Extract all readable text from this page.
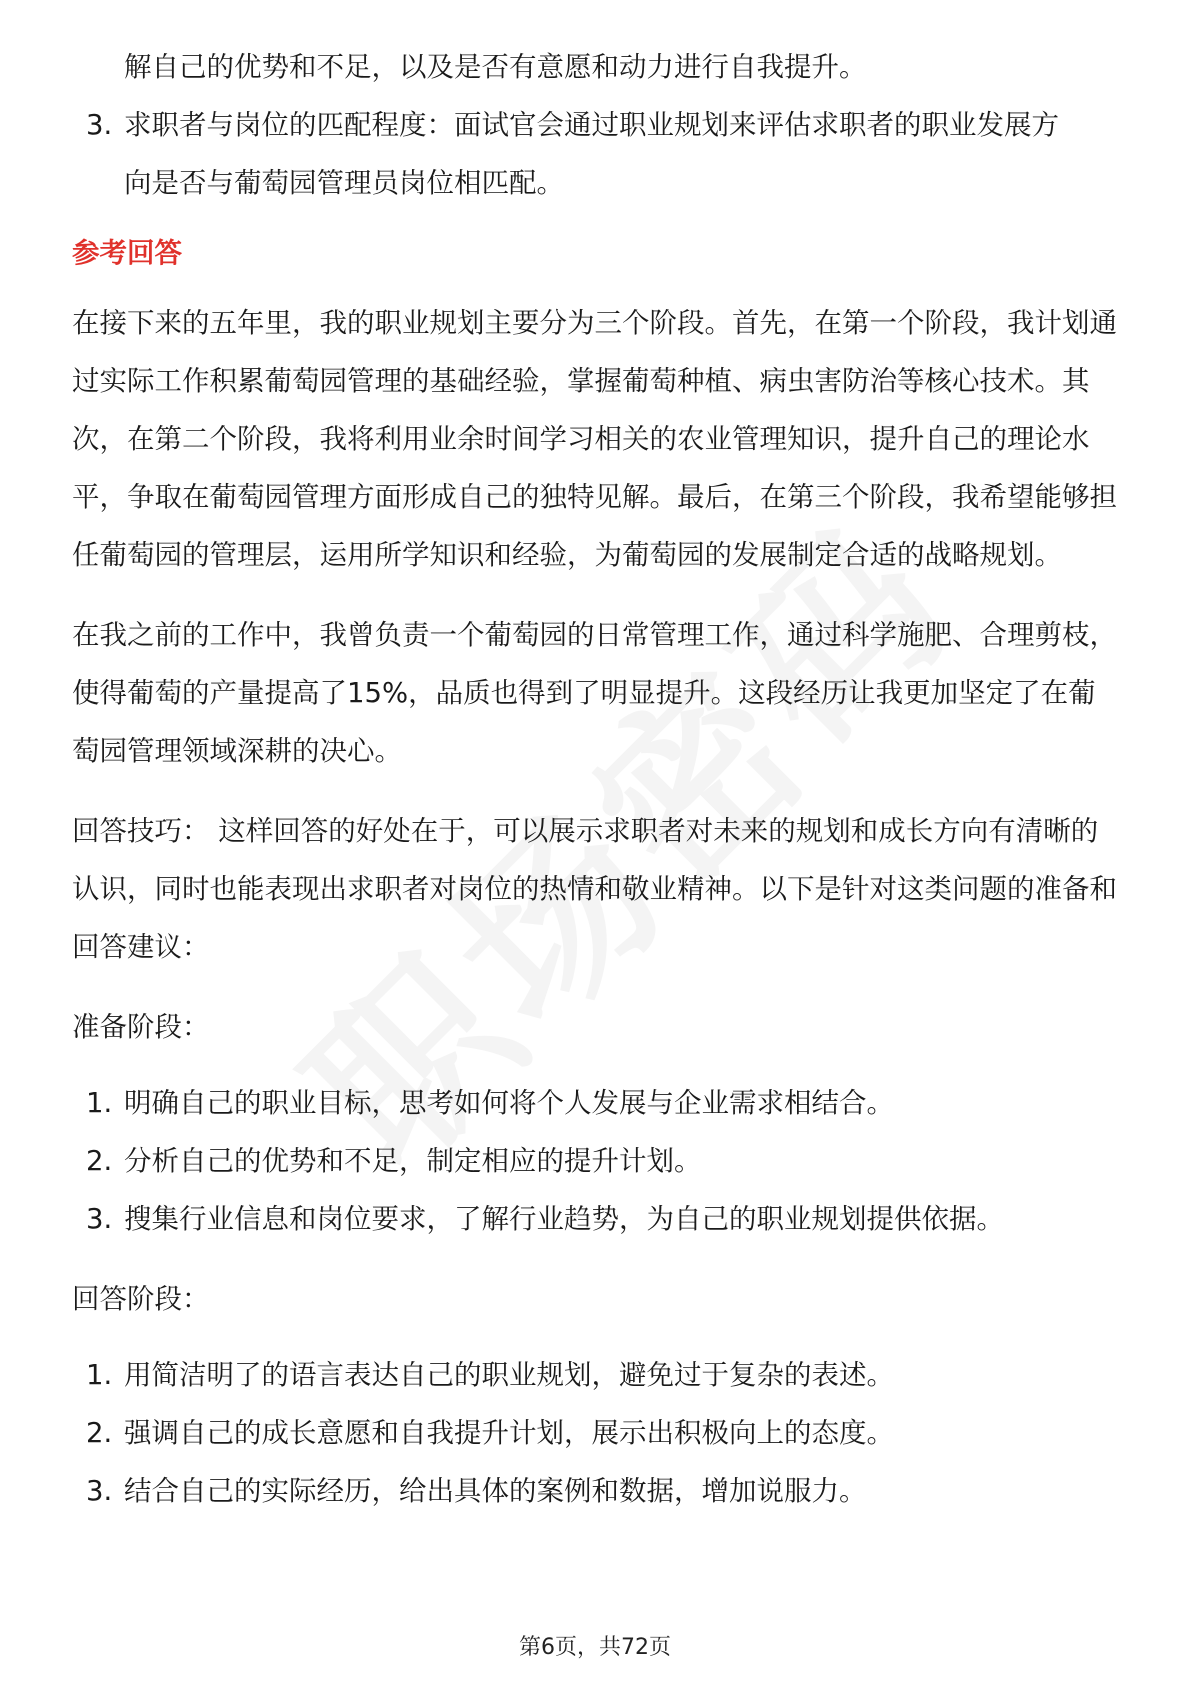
解自己的优势和不足，以及是否有意愿和动力进行自我提升。
3. 求职者与岗位的匹配程度：面试官会通过职业规划来评估求职者的职业发展方
向是否与葡萄园管理员岗位相匹配。
参考回答

在接下来的五年里，我的职业规划主要分为三个阶段。首先，在第一个阶段，我计划通过实际工作积累葡萄园管理的基础经验，掌握葡萄种植、病虫害防治等核心技术。其次，在第二个阶段，我将利用业余时间学习相关的农业管理知识，提升自己的理论水平，争取在葡萄园管理方面形成自己的独特见解。最后，在第三个阶段，我希望能够担任葡萄园的管理层，运用所学知识和经验，为葡萄园的发展制定合适的战略规划。

在我之前的工作中，我曾负责一个葡萄园的日常管理工作，通过科学施肥、合理剪枝，使得葡萄的产量提高了15%，品质也得到了明显提升。这段经历让我更加坚定了在葡萄园管理领域深耕的决心。

回答技巧： 这样回答的好处在于，可以展示求职者对未来的规划和成长方向有清晰的认识，同时也能表现出求职者对岗位的热情和敬业精神。以下是针对这类问题的准备和回答建议：

准备阶段：
1. 明确自己的职业目标，思考如何将个人发展与企业需求相结合。
2. 分析自己的优势和不足，制定相应的提升计划。
3. 搜集行业信息和岗位要求，了解行业趋势，为自己的职业规划提供依据。
回答阶段：
1. 用简洁明了的语言表达自己的职业规划，避免过于复杂的表述。
2. 强调自己的成长意愿和自我提升计划，展示出积极向上的态度。
3. 结合自己的实际经历，给出具体的案例和数据，增加说服力。
第6页，共72页
